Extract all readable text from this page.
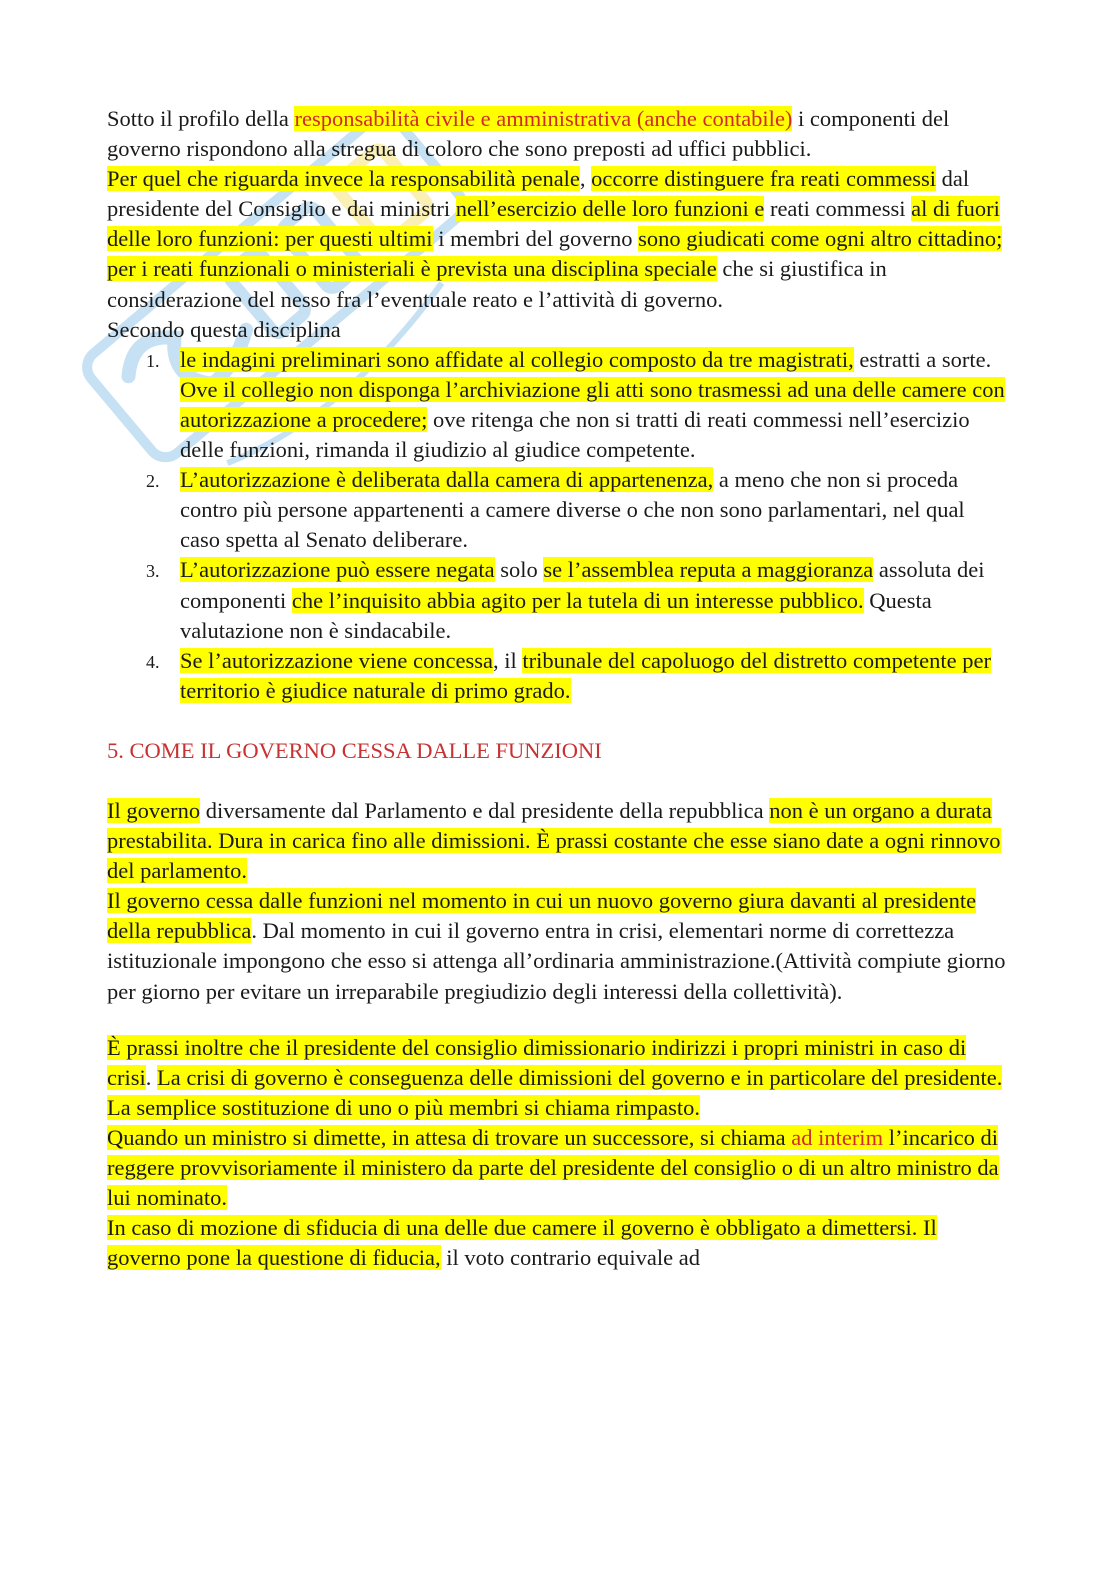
Sotto il profilo della responsabilità civile e amministrativa (anche contabile) i componenti del governo rispondono alla stregua di coloro che sono preposti ad uffici pubblici.

Per quel che riguarda invece la responsabilità penale, occorre distinguere fra reati commessi dal presidente del Consiglio e dai ministri nell’esercizio delle loro funzioni e reati commessi al di fuori delle loro funzioni: per questi ultimi i membri del governo sono giudicati come ogni altro cittadino; per i reati funzionali o ministeriali è prevista una disciplina speciale che si giustifica in considerazione del nesso fra l’eventuale reato e l’attività di governo.

Secondo questa disciplina

1. le indagini preliminari sono affidate al collegio composto da tre magistrati, estratti a sorte. Ove il collegio non disponga l’archiviazione gli atti sono trasmessi ad una delle camere con autorizzazione a procedere; ove ritenga che non si tratti di reati commessi nell’esercizio delle funzioni, rimanda il giudizio al giudice competente.
2. L’autorizzazione è deliberata dalla camera di appartenenza, a meno che non si proceda contro più persone appartenenti a camere diverse o che non sono parlamentari, nel qual caso spetta al Senato deliberare.
3. L’autorizzazione può essere negata solo se l’assemblea reputa a maggioranza assoluta dei componenti che l’inquisito abbia agito per la tutela di un interesse pubblico. Questa valutazione non è sindacabile.
4. Se l’autorizzazione viene concessa, il tribunale del capoluogo del distretto competente per territorio è giudice naturale di primo grado.

5. COME IL GOVERNO CESSA DALLE FUNZIONI

Il governo diversamente dal Parlamento e dal presidente della repubblica non è un organo a durata prestabilita. Dura in carica fino alle dimissioni. È prassi costante che esse siano date a ogni rinnovo del parlamento.

Il governo cessa dalle funzioni nel momento in cui un nuovo governo giura davanti al presidente della repubblica. Dal momento in cui il governo entra in crisi, elementari norme di correttezza istituzionale impongono che esso si attenga all’ordinaria amministrazione.(Attività compiute giorno per giorno per evitare un irreparabile pregiudizio degli interessi della collettività).

È prassi inoltre che il presidente del consiglio dimissionario indirizzi i propri ministri in caso di crisi. La crisi di governo è conseguenza delle dimissioni del governo e in particolare del presidente. La semplice sostituzione di uno o più membri si chiama rimpasto.

Quando un ministro si dimette, in attesa di trovare un successore, si chiama ad interim l’incarico di reggere provvisoriamente il ministero da parte del presidente del consiglio o di un altro ministro da lui nominato.

In caso di mozione di sfiducia di una delle due camere il governo è obbligato a dimettersi. Il governo pone la questione di fiducia, il voto contrario equivale ad
